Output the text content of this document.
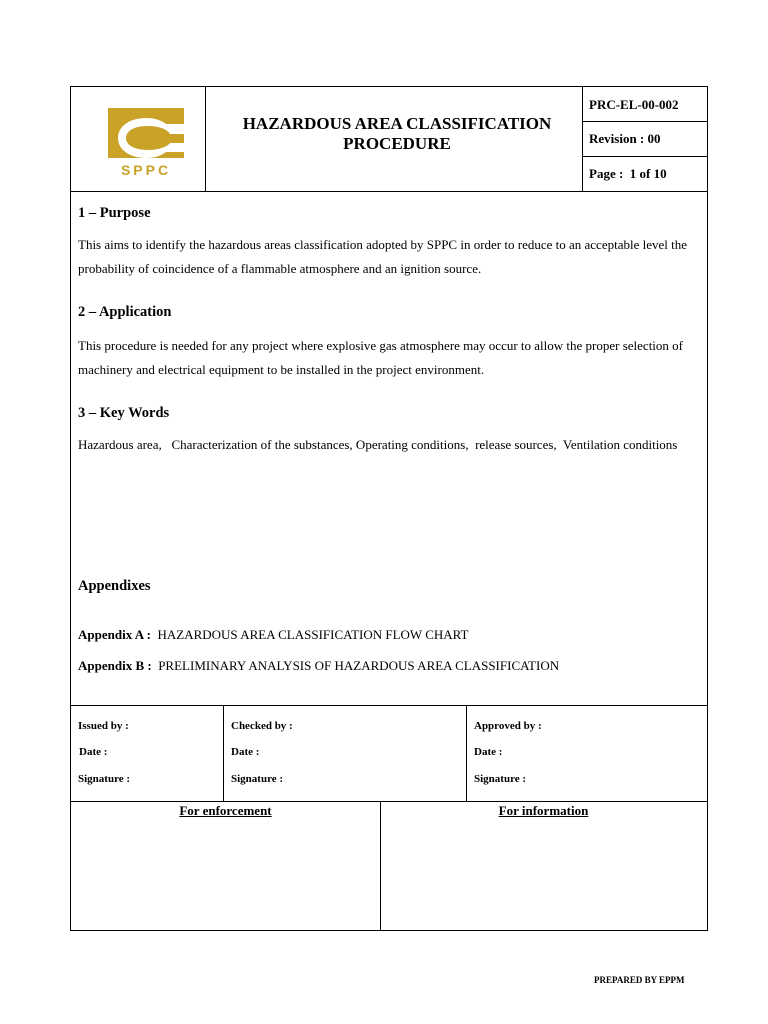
SPPC
HAZARDOUS AREA CLASSIFICATION
PROCEDURE
PRC-EL-00-002
Revision : 00
Page :  1 of 10
1 – Purpose
This aims to identify the hazardous areas classification adopted by SPPC in order to reduce to an acceptable level the probability of coincidence of a flammable atmosphere and an ignition source.
2 – Application
This procedure is needed for any project where explosive gas atmosphere may occur to allow the proper selection of machinery and electrical equipment to be installed in the project environment.
3 – Key Words
Hazardous area,   Characterization of the substances, Operating conditions,  release sources,  Ventilation conditions
Appendixes
Appendix A : HAZARDOUS AREA CLASSIFICATION FLOW CHART
Appendix B : PRELIMINARY ANALYSIS OF HAZARDOUS AREA CLASSIFICATION
Issued by :
Date :
Signature :
Checked by :
Date :
Signature :
Approved by :
Date :
Signature :
For enforcement	For information
PREPARED BY EPPM
